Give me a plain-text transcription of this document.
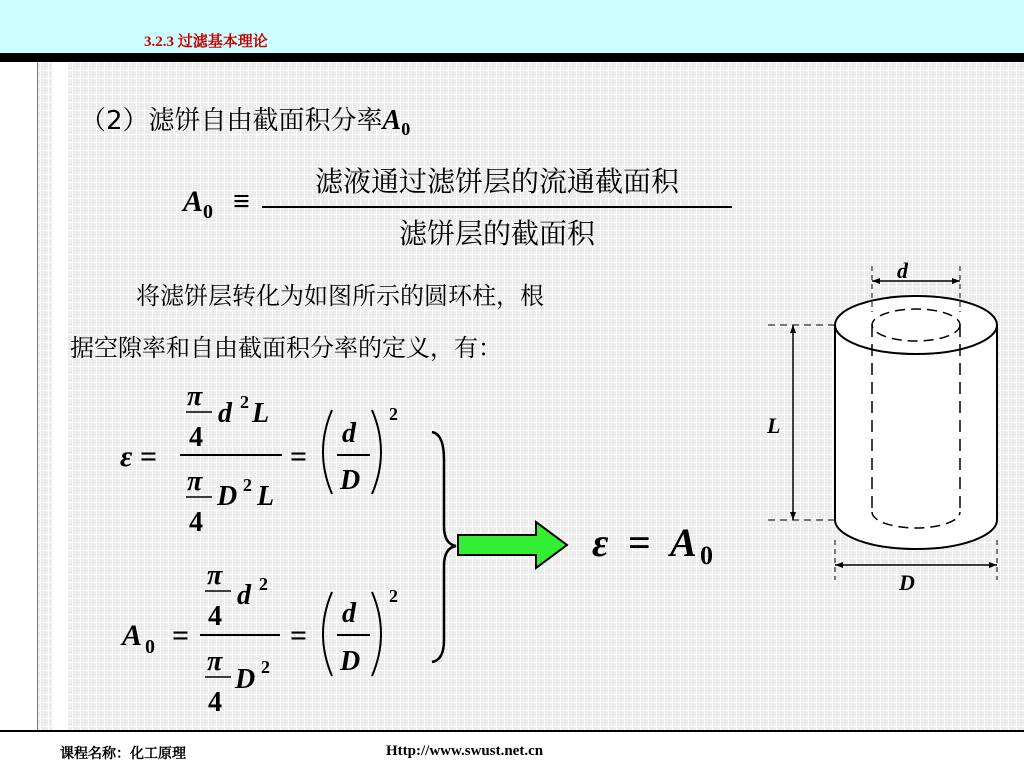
3.2.3 过滤基本理论
（2）滤饼自由截面积分率$A_0$
$A_0$ ≡
滤液通过滤饼层的流通截面积
滤饼层的截面积
将滤饼层转化为如图所示的圆环柱，根
据空隙率和自由截面积分率的定义，有：
ε =
π
4
d 2 L
π
4
D 2 L
=
d
D
2
A 0 =
π
4
d 2
π
4
D 2
=
d
D
2
ε = A 0
d
L
D
课程名称：化工原理	Http://www.swust.net.cn
